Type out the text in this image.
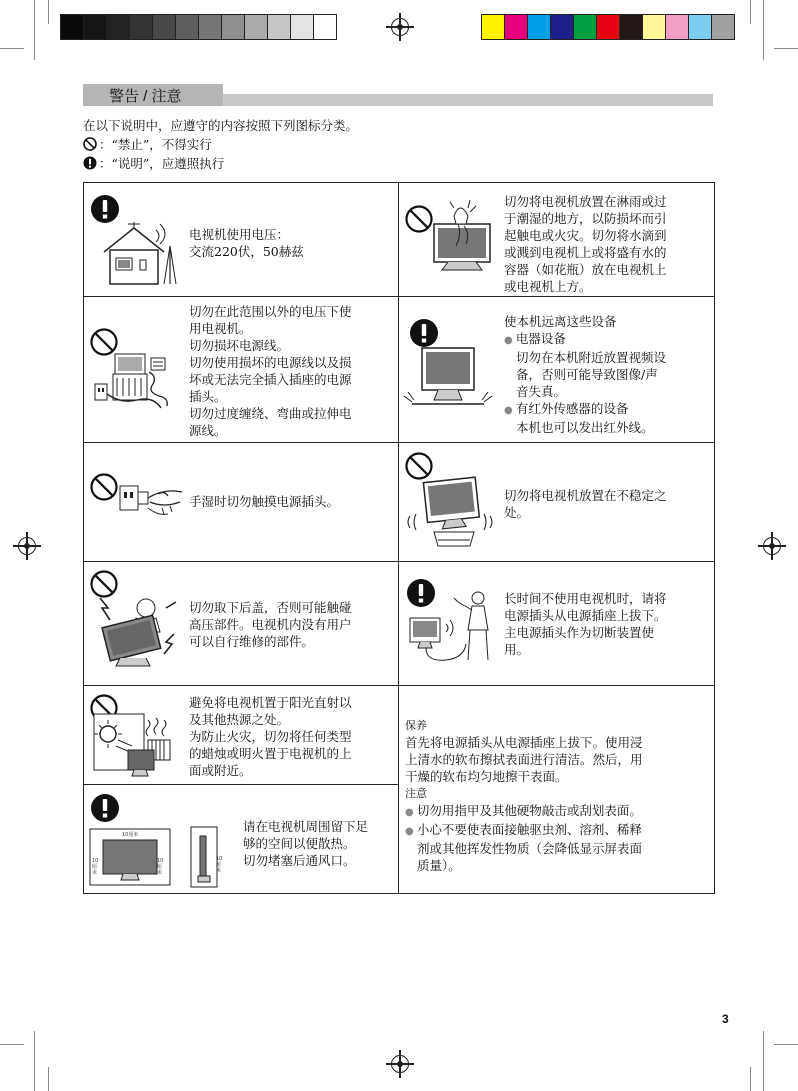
警告 / 注意
在以下说明中，应遵守的内容按照下列图标分类。
：“禁止”，不得实行
：“说明”，应遵照执行

电视机使用电压：

交流220伏，50赫兹

切勿将电视机放置在淋雨或过

于潮湿的地方，以防损坏而引

起触电或火灾。切勿将水滴到

或溅到电视机上或将盛有水的

容器（如花瓶）放在电视机上

或电视机上方。

切勿在此范围以外的电压下使

用电视机。

切勿损坏电源线。

切勿使用损坏的电源线以及损

坏或无法完全插入插座的电源

插头。

切勿过度缠绕、弯曲或拉伸电

源线。

使本机远离这些设备

● 电器设备

切勿在本机附近放置视频设

备，否则可能导致图像/声

音失真。

● 有红外传感器的设备

本机也可以发出红外线。

手湿时切勿触摸电源插头。	切勿将电视机放置在不稳定之

处。

切勿取下后盖，否则可能触碰

高压部件。电视机内没有用户

可以自行维修的部件。

长时间不使用电视机时，请将

电源插头从电源插座上拔下。

主电源插头作为切断装置使

用。

避免将电视机置于阳光直射以

及其他热源之处。

为防止火灾，切勿将任何类型

的蜡烛或明火置于电视机的上

面或附近。

10厘米
10
厘米
10
厘米
10
厘米

请在电视机周围留下足

够的空间以便散热。

切勿堵塞后通风口。

保养

首先将电源插头从电源插座上拔下。使用浸

上清水的软布擦拭表面进行清洁。然后，用

干燥的软布均匀地擦干表面。

注意

● 切勿用指甲及其他硬物敲击或刮划表面。

● 小心不要使表面接触驱虫剂、溶剂、稀释

剂或其他挥发性物质（会降低显示屏表面

质量）。

3
